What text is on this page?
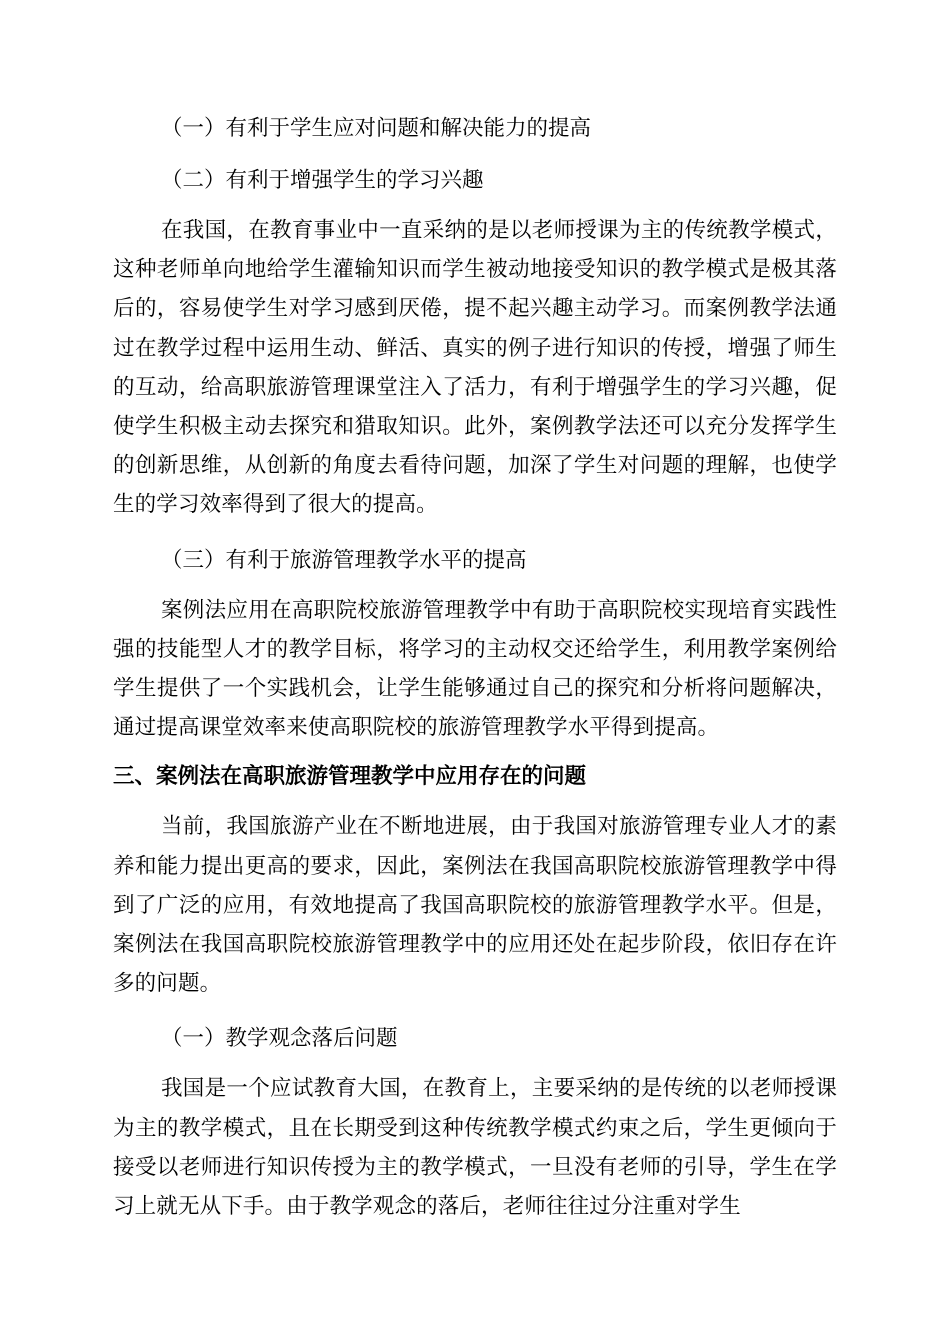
（一）有利于学生应对问题和解决能力的提高

（二）有利于增强学生的学习兴趣

在我国，在教育事业中一直采纳的是以老师授课为主的传统教学模式，这种老师单向地给学生灌输知识而学生被动地接受知识的教学模式是极其落后的，容易使学生对学习感到厌倦，提不起兴趣主动学习。而案例教学法通过在教学过程中运用生动、鲜活、真实的例子进行知识的传授，增强了师生的互动，给高职旅游管理课堂注入了活力，有利于增强学生的学习兴趣，促使学生积极主动去探究和猎取知识。此外，案例教学法还可以充分发挥学生的创新思维，从创新的角度去看待问题，加深了学生对问题的理解，也使学生的学习效率得到了很大的提高。

（三）有利于旅游管理教学水平的提高

案例法应用在高职院校旅游管理教学中有助于高职院校实现培育实践性强的技能型人才的教学目标，将学习的主动权交还给学生，利用教学案例给学生提供了一个实践机会，让学生能够通过自己的探究和分析将问题解决，通过提高课堂效率来使高职院校的旅游管理教学水平得到提高。

三、案例法在高职旅游管理教学中应用存在的问题

当前，我国旅游产业在不断地进展，由于我国对旅游管理专业人才的素养和能力提出更高的要求，因此，案例法在我国高职院校旅游管理教学中得到了广泛的应用，有效地提高了我国高职院校的旅游管理教学水平。但是，案例法在我国高职院校旅游管理教学中的应用还处在起步阶段，依旧存在许多的问题。

（一）教学观念落后问题

我国是一个应试教育大国，在教育上，主要采纳的是传统的以老师授课为主的教学模式，且在长期受到这种传统教学模式约束之后，学生更倾向于接受以老师进行知识传授为主的教学模式，一旦没有老师的引导，学生在学习上就无从下手。由于教学观念的落后，老师往往过分注重对学生
